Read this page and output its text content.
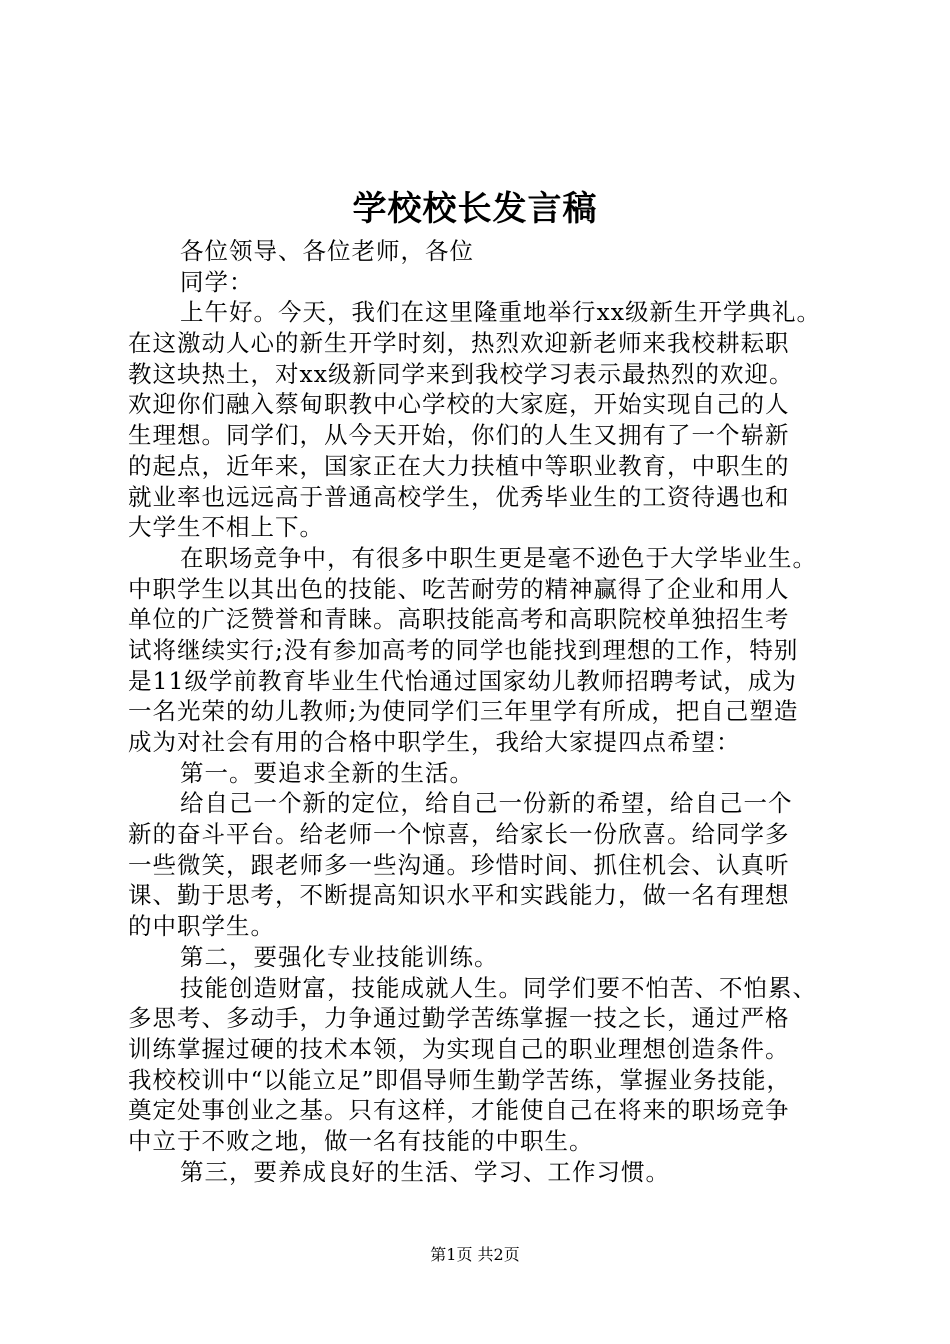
学校校长发言稿
各位领导、各位老师，各位
同学：
上午好。今天，我们在这里隆重地举行xx级新生开学典礼。
在这激动人心的新生开学时刻，热烈欢迎新老师来我校耕耘职
教这块热土，对xx级新同学来到我校学习表示最热烈的欢迎。
欢迎你们融入蔡甸职教中心学校的大家庭，开始实现自己的人
生理想。同学们，从今天开始，你们的人生又拥有了一个崭新
的起点，近年来，国家正在大力扶植中等职业教育，中职生的
就业率也远远高于普通高校学生，优秀毕业生的工资待遇也和
大学生不相上下。
在职场竞争中，有很多中职生更是毫不逊色于大学毕业生。
中职学生以其出色的技能、吃苦耐劳的精神赢得了企业和用人
单位的广泛赞誉和青睐。高职技能高考和高职院校单独招生考
试将继续实行;没有参加高考的同学也能找到理想的工作，特别
是11级学前教育毕业生代怡通过国家幼儿教师招聘考试，成为
一名光荣的幼儿教师;为使同学们三年里学有所成，把自己塑造
成为对社会有用的合格中职学生，我给大家提四点希望：
第一。要追求全新的生活。
给自己一个新的定位，给自己一份新的希望，给自己一个
新的奋斗平台。给老师一个惊喜，给家长一份欣喜。给同学多
一些微笑，跟老师多一些沟通。珍惜时间、抓住机会、认真听
课、勤于思考，不断提高知识水平和实践能力，做一名有理想
的中职学生。
第二，要强化专业技能训练。
技能创造财富，技能成就人生。同学们要不怕苦、不怕累、
多思考、多动手，力争通过勤学苦练掌握一技之长，通过严格
训练掌握过硬的技术本领，为实现自己的职业理想创造条件。
我校校训中“以能立足”即倡导师生勤学苦练，掌握业务技能，
奠定处事创业之基。只有这样，才能使自己在将来的职场竞争
中立于不败之地，做一名有技能的中职生。
第三，要养成良好的生活、学习、工作习惯。
第1页 共2页
